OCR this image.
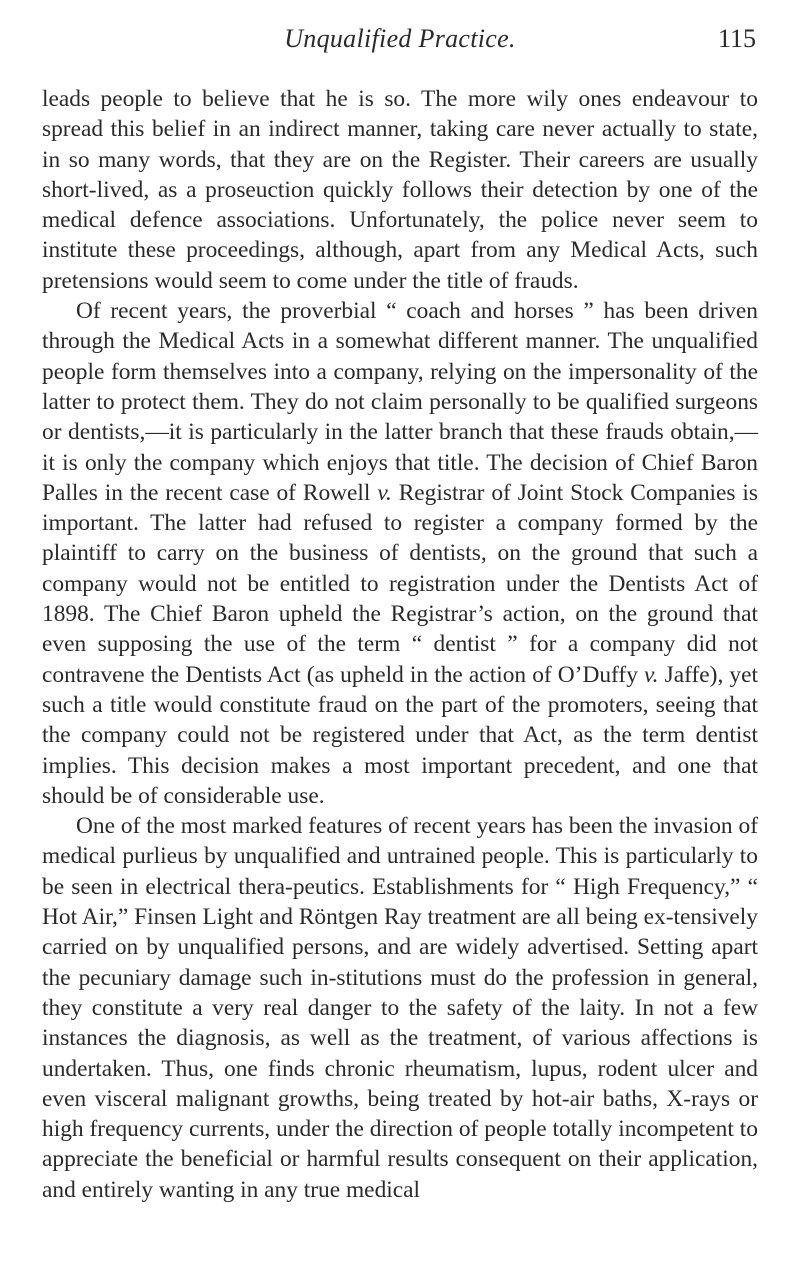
Unqualified Practice.	115

leads people to believe that he is so. The more wily ones endeavour to spread this belief in an indirect manner, taking care never actually to state, in so many words, that they are on the Register. Their careers are usually short-lived, as a proseuction quickly follows their detection by one of the medical defence associations. Unfortunately, the police never seem to institute these proceedings, although, apart from any Medical Acts, such pretensions would seem to come under the title of frauds.

Of recent years, the proverbial “ coach and horses ” has been driven through the Medical Acts in a somewhat different manner. The unqualified people form themselves into a company, relying on the impersonality of the latter to protect them. They do not claim personally to be qualified surgeons or dentists,—it is particularly in the latter branch that these frauds obtain,—it is only the company which enjoys that title. The decision of Chief Baron Palles in the recent case of Rowell v. Registrar of Joint Stock Companies is important. The latter had refused to register a company formed by the plaintiff to carry on the business of dentists, on the ground that such a company would not be entitled to registration under the Dentists Act of 1898. The Chief Baron upheld the Registrar’s action, on the ground that even supposing the use of the term “ dentist ” for a company did not contravene the Dentists Act (as upheld in the action of O’Duffy v. Jaffe), yet such a title would constitute fraud on the part of the promoters, seeing that the company could not be registered under that Act, as the term dentist implies. This decision makes a most important precedent, and one that should be of considerable use.

One of the most marked features of recent years has been the invasion of medical purlieus by unqualified and untrained people. This is particularly to be seen in electrical thera-peutics. Establishments for “ High Frequency,” “ Hot Air,” Finsen Light and Röntgen Ray treatment are all being ex-tensively carried on by unqualified persons, and are widely advertised. Setting apart the pecuniary damage such in-stitutions must do the profession in general, they constitute a very real danger to the safety of the laity. In not a few instances the diagnosis, as well as the treatment, of various affections is undertaken. Thus, one finds chronic rheumatism, lupus, rodent ulcer and even visceral malignant growths, being treated by hot-air baths, X-rays or high frequency currents, under the direction of people totally incompetent to appreciate the beneficial or harmful results consequent on their application, and entirely wanting in any true medical
